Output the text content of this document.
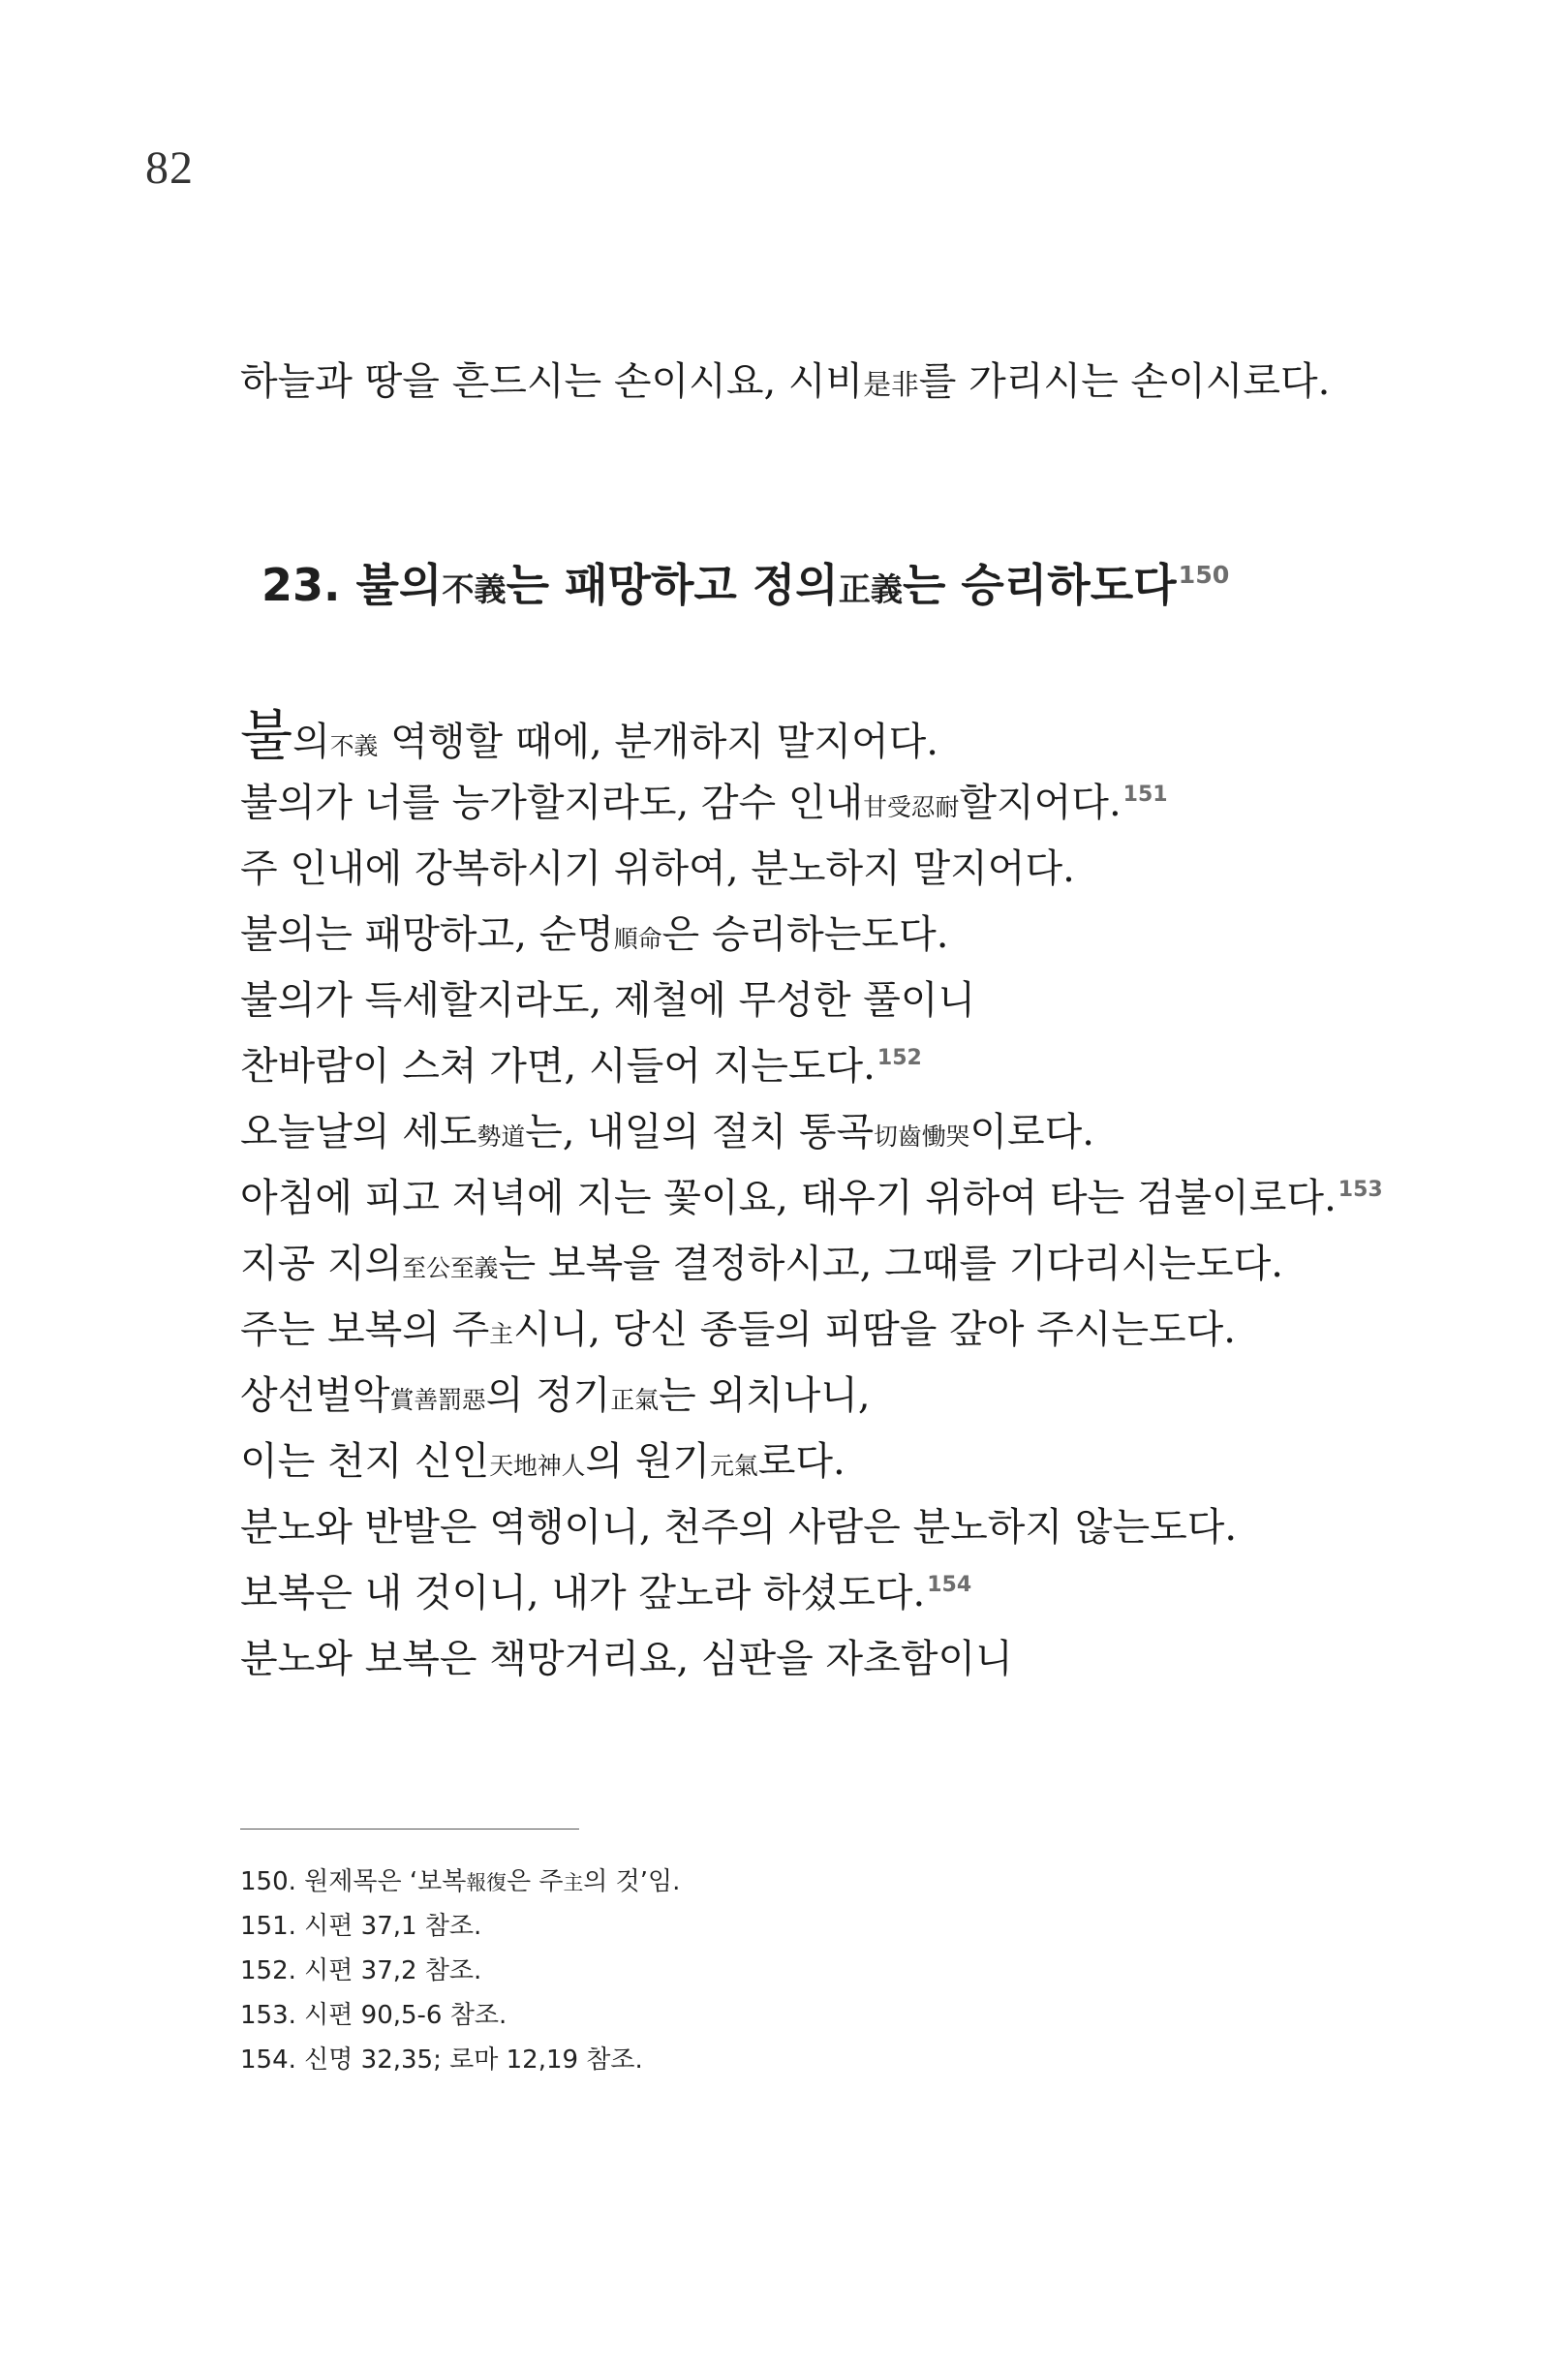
82
하늘과 땅을 흔드시는 손이시요, 시비是非를 가리시는 손이시로다.
23. 불의不義는 패망하고 정의正義는 승리하도다$^{150}$
불의不義 역행할 때에, 분개하지 말지어다.
불의가 너를 능가할지라도, 감수 인내甘受忍耐할지어다.$^{151}$
주 인내에 강복하시기 위하여, 분노하지 말지어다.
불의는 패망하고, 순명順命은 승리하는도다.
불의가 득세할지라도, 제철에 무성한 풀이니
찬바람이 스쳐 가면, 시들어 지는도다.$^{152}$
오늘날의 세도勢道는, 내일의 절치 통곡切齒慟哭이로다.
아침에 피고 저녁에 지는 꽃이요, 태우기 위하여 타는 검불이로다.$^{153}$
지공 지의至公至義는 보복을 결정하시고, 그때를 기다리시는도다.
주는 보복의 주主시니, 당신 종들의 피땀을 갚아 주시는도다.
상선벌악賞善罰惡의 정기正氣는 외치나니,
이는 천지 신인天地神人의 원기元氣로다.
분노와 반발은 역행이니, 천주의 사람은 분노하지 않는도다.
보복은 내 것이니, 내가 갚노라 하셨도다.$^{154}$
분노와 보복은 책망거리요, 심판을 자초함이니
150. 원제목은 ‘보복報復은 주主의 것’임.
151. 시편 37,1 참조.
152. 시편 37,2 참조.
153. 시편 90,5-6 참조.
154. 신명 32,35; 로마 12,19 참조.
